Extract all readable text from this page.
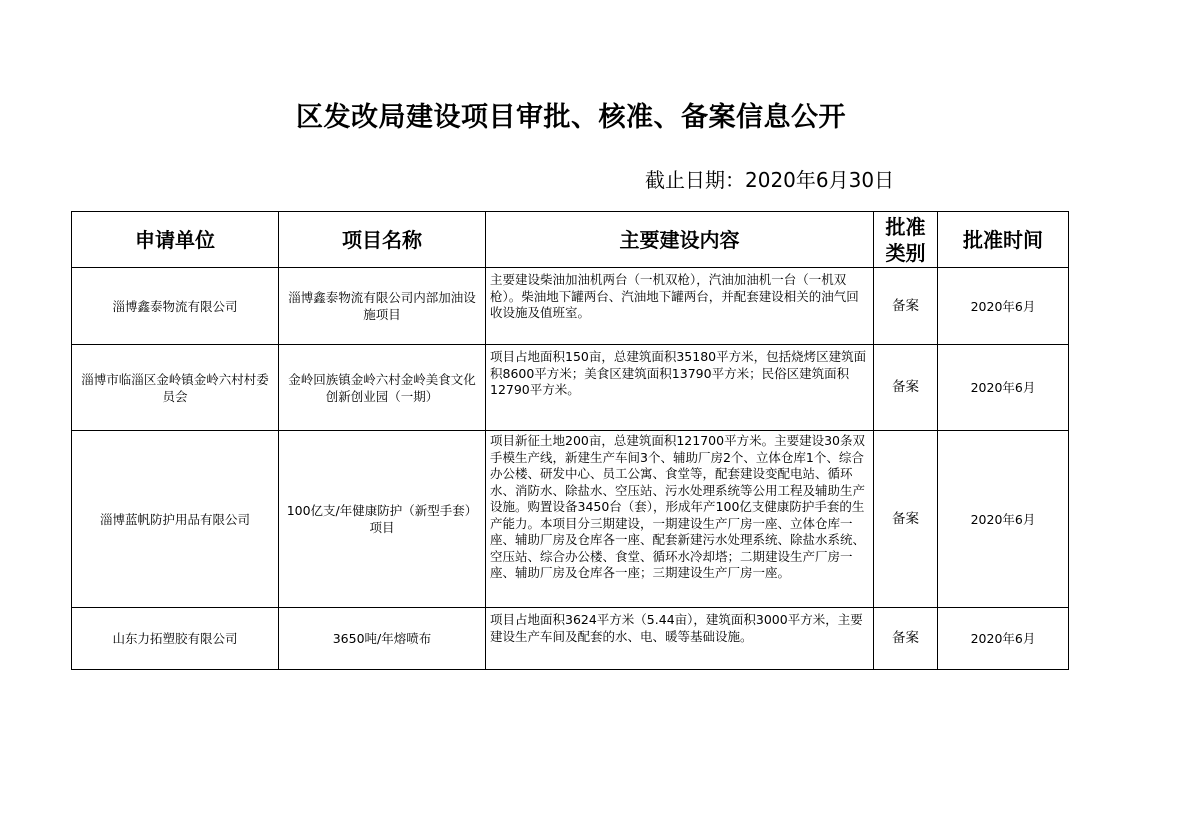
区发改局建设项目审批、核准、备案信息公开
截止日期：2020年6月30日
申请单位	项目名称	主要建设内容	批准类别	批准时间
淄博鑫泰物流有限公司	淄博鑫泰物流有限公司内部加油设施项目	主要建设柴油加油机两台（一机双枪），汽油加油机一台（一机双枪）。柴油地下罐两台、汽油地下罐两台，并配套建设相关的油气回收设施及值班室。	备案	2020年6月
淄博市临淄区金岭镇金岭六村村委员会	金岭回族镇金岭六村金岭美食文化创新创业园（一期）	项目占地面积150亩，总建筑面积35180平方米，包括烧烤区建筑面积8600平方米；美食区建筑面积13790平方米；民俗区建筑面积12790平方米。	备案	2020年6月
淄博蓝帆防护用品有限公司	100亿支/年健康防护（新型手套）项目	项目新征土地200亩，总建筑面积121700平方米。主要建设30条双手模生产线，新建生产车间3个、辅助厂房2个、立体仓库1个、综合办公楼、研发中心、员工公寓、食堂等，配套建设变配电站、循环水、消防水、除盐水、空压站、污水处理系统等公用工程及辅助生产设施。购置设备3450台（套），形成年产100亿支健康防护手套的生产能力。本项目分三期建设，一期建设生产厂房一座、立体仓库一座、辅助厂房及仓库各一座、配套新建污水处理系统、除盐水系统、空压站、综合办公楼、食堂、循环水冷却塔；二期建设生产厂房一座、辅助厂房及仓库各一座；三期建设生产厂房一座。	备案	2020年6月
山东力拓塑胶有限公司	3650吨/年熔喷布	项目占地面积3624平方米（5.44亩），建筑面积3000平方米，主要建设生产车间及配套的水、电、暖等基础设施。	备案	2020年6月
